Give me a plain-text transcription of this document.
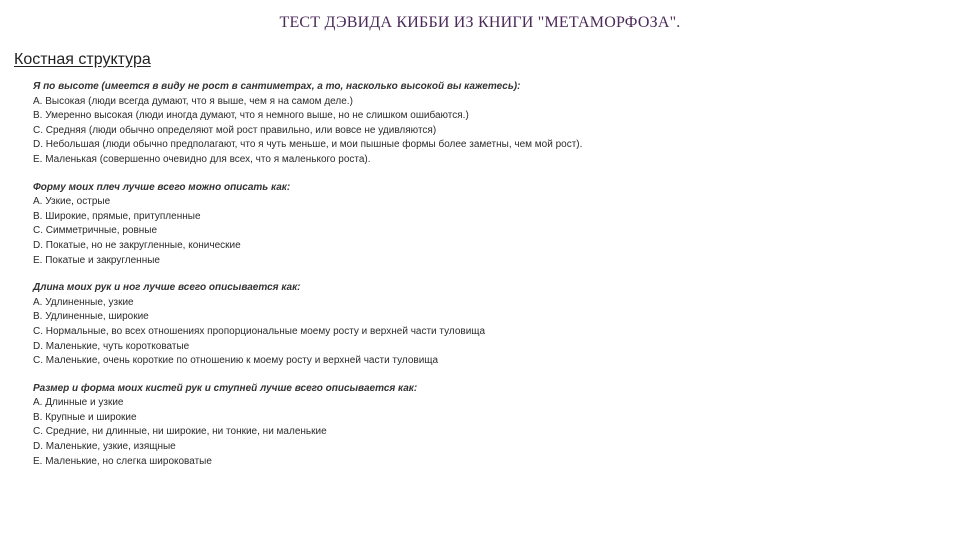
ТЕСТ ДЭВИДА КИББИ ИЗ КНИГИ "МЕТАМОРФОЗА".
Костная структура
Я по высоте (имеется в виду не рост в сантиметрах, а то, насколько высокой вы кажетесь):
A. Высокая (люди всегда думают, что я выше, чем я на самом деле.)
B. Умеренно высокая (люди иногда думают, что я немного выше, но не слишком ошибаются.)
C. Средняя (люди обычно определяют мой рост правильно, или вовсе не удивляются)
D. Небольшая (люди обычно предполагают, что я чуть меньше, и мои пышные формы более заметны, чем мой рост).
E. Маленькая (совершенно очевидно для всех, что я маленького роста).
Форму моих плеч лучше всего можно описать как:
A. Узкие, острые
B. Широкие, прямые, притупленные
C. Симметричные, ровные
D. Покатые, но не закругленные, конические
E. Покатые и закругленные
Длина моих рук и ног лучше всего описывается как:
A. Удлиненные, узкие
B. Удлиненные, широкие
C. Нормальные, во всех отношениях пропорциональные моему росту и верхней части туловища
D. Маленькие, чуть коротковатые
C. Маленькие, очень короткие по отношению к моему росту и верхней части туловища
Размер и форма моих кистей рук и ступней лучше всего описывается как:
A. Длинные и узкие
B. Крупные и широкие
C. Средние, ни длинные, ни широкие, ни тонкие, ни маленькие
D. Маленькие, узкие, изящные
E. Маленькие, но слегка широковатые
